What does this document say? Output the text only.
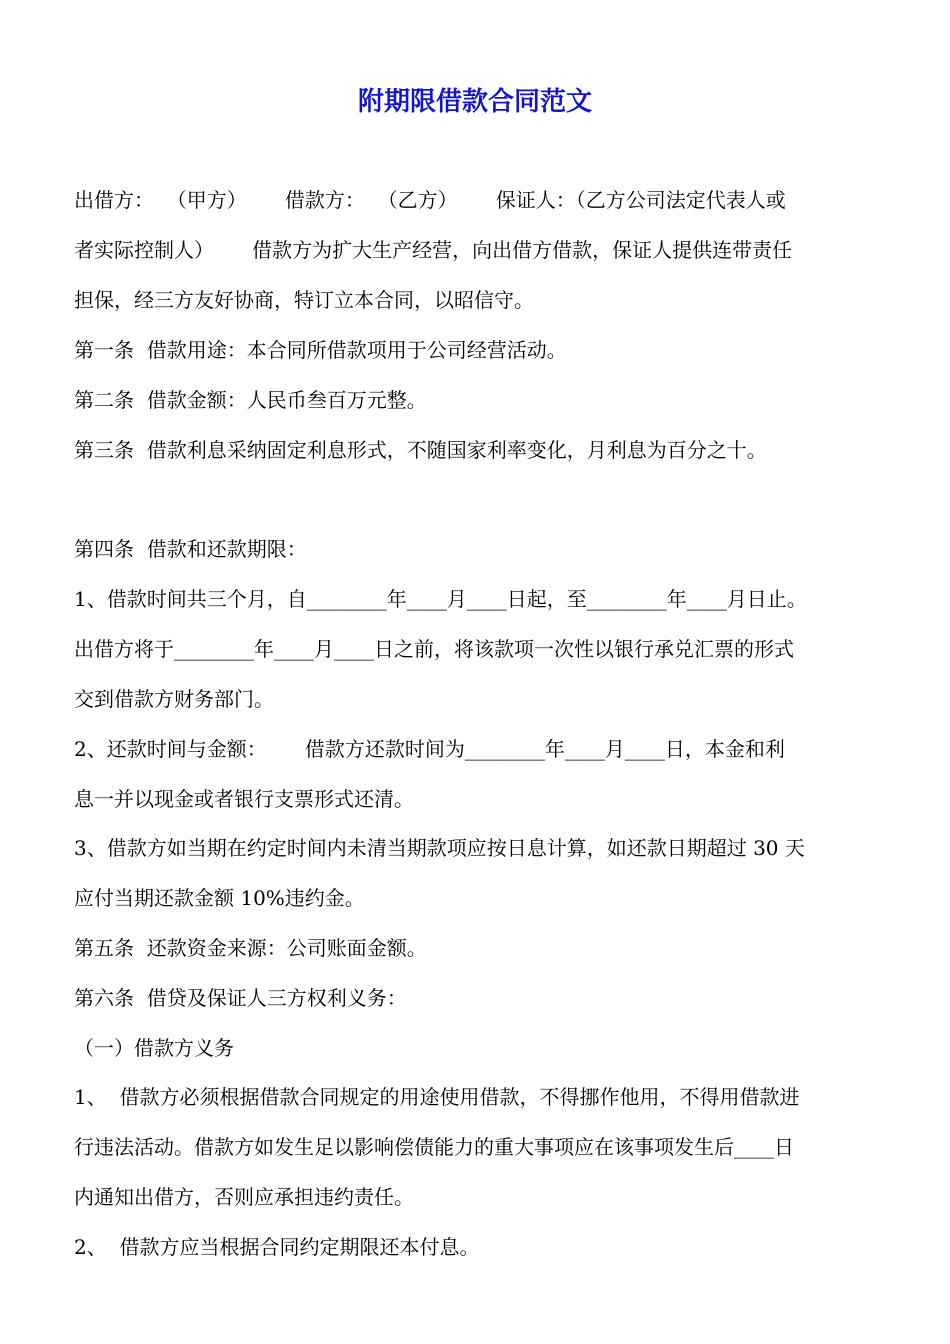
附期限借款合同范文
出借方：  （甲方）      借款方：  （乙方）      保证人：（乙方公司法定代表人或
者实际控制人）      借款方为扩大生产经营，向出借方借款，保证人提供连带责任
担保，经三方友好协商，特订立本合同，以昭信守。
第一条  借款用途：本合同所借款项用于公司经营活动。
第二条  借款金额：人民币叁百万元整。
第三条  借款利息采纳固定利息形式，不随国家利率变化，月利息为百分之十。
第四条  借款和还款期限：
1、借款时间共三个月，自________年____月____日起，至________年____月日止。
出借方将于________年____月____日之前，将该款项一次性以银行承兑汇票的形式
交到借款方财务部门。
2、还款时间与金额：      借款方还款时间为________年____月____日，本金和利
息一并以现金或者银行支票形式还清。
3、借款方如当期在约定时间内未清当期款项应按日息计算，如还款日期超过 30 天
应付当期还款金额 10%违约金。
第五条  还款资金来源：公司账面金额。
第六条  借贷及保证人三方权利义务：
（一）借款方义务
1、  借款方必须根据借款合同规定的用途使用借款，不得挪作他用，不得用借款进
行违法活动。借款方如发生足以影响偿债能力的重大事项应在该事项发生后____日
内通知出借方，否则应承担违约责任。
2、  借款方应当根据合同约定期限还本付息。
